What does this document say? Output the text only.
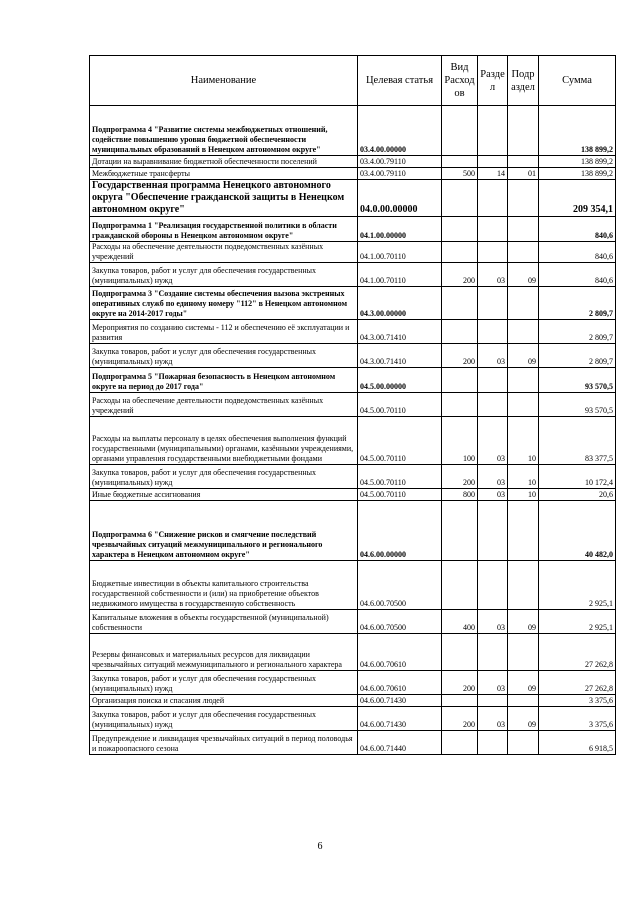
Наименование	Целевая статья	Вид Расход ов	Разде л	Подр аздел	Сумма
Подпрограмма 4 "Развитие системы межбюджетных отношений, содействие повышению уровня бюджетной обеспеченности муниципальных образований в Ненецком автономном округе"	03.4.00.00000				138 899,2
Дотации на выравнивание бюджетной обеспеченности поселений	03.4.00.79110				138 899,2
Межбюджетные трансферты	03.4.00.79110	500	14	01	138 899,2
Государственная программа Ненецкого автономного округа "Обеспечение гражданской защиты в Ненецком автономном округе"	04.0.00.00000				209 354,1
Подпрограмма 1 "Реализация государственной политики в области гражданской обороны в Ненецком автономном округе"	04.1.00.00000				840,6
Расходы на обеспечение деятельности подведомственных казённых учреждений	04.1.00.70110				840,6
Закупка товаров, работ и услуг для обеспечения государственных (муниципальных) нужд	04.1.00.70110	200	03	09	840,6
Подпрограмма 3 "Создание системы обеспечения вызова экстренных оперативных служб по единому номеру "112" в Ненецком автономном округе на 2014-2017 годы"	04.3.00.00000				2 809,7
Мероприятия по созданию системы - 112 и обеспечению её эксплуатации и развития	04.3.00.71410				2 809,7
Закупка товаров, работ и услуг для обеспечения государственных (муниципальных) нужд	04.3.00.71410	200	03	09	2 809,7
Подпрограмма 5 "Пожарная безопасность в Ненецком автономном округе на период до 2017 года"	04.5.00.00000				93 570,5
Расходы на обеспечение деятельности подведомственных казённых учреждений	04.5.00.70110				93 570,5
Расходы на выплаты персоналу в целях обеспечения выполнения функций государственными (муниципальными) органами, казёнными учреждениями, органами управления государственными внебюджетными фондами	04.5.00.70110	100	03	10	83 377,5
Закупка товаров, работ и услуг для обеспечения государственных (муниципальных) нужд	04.5.00.70110	200	03	10	10 172,4
Иные бюджетные ассигнования	04.5.00.70110	800	03	10	20,6
Подпрограмма 6 "Снижение рисков и смягчение последствий чрезвычайных ситуаций межмуниципального и регионального характера в Ненецком автономном округе"	04.6.00.00000				40 482,0
Бюджетные инвестиции в объекты капитального строительства государственной собственности и (или) на приобретение объектов недвижимого имущества в государственную собственность	04.6.00.70500				2 925,1
Капитальные вложения в объекты государственной (муниципальной) собственности	04.6.00.70500	400	03	09	2 925,1
Резервы финансовых и материальных ресурсов для ликвидации чрезвычайных ситуаций межмуниципального и регионального характера	04.6.00.70610				27 262,8
Закупка товаров, работ и услуг для обеспечения государственных (муниципальных) нужд	04.6.00.70610	200	03	09	27 262,8
Организация поиска и спасания людей	04.6.00.71430				3 375,6
Закупка товаров, работ и услуг для обеспечения государственных (муниципальных) нужд	04.6.00.71430	200	03	09	3 375,6
Предупреждение и ликвидация чрезвычайных ситуаций в период половодья и пожароопасного сезона	04.6.00.71440				6 918,5
6
